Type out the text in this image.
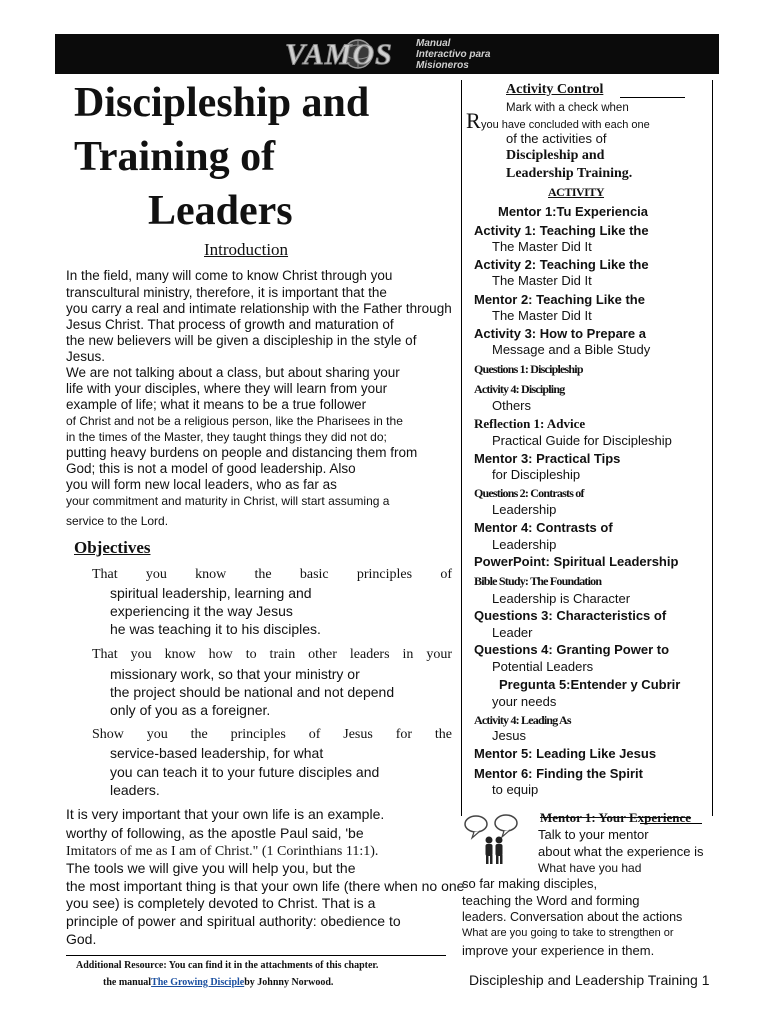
VAMOS Manual
Interactivo para
Misioneros
Discipleship and
Training of
Leaders
Introduction
In the field, many will come to know Christ through you
transcultural ministry, therefore, it is important that the
you carry a real and intimate relationship with the Father through
Jesus Christ. That process of growth and maturation of
the new believers will be given a discipleship in the style of
Jesus.
We are not talking about a class, but about sharing your
life with your disciples, where they will learn from your
example of life; what it means to be a true follower
of Christ and not be a religious person, like the Pharisees in the
in the times of the Master, they taught things they did not do;
putting heavy burdens on people and distancing them from
God; this is not a model of good leadership. Also
you will form new local leaders, who as far as
your commitment and maturity in Christ, will start assuming a
service to the Lord.
Objectives
That you know the basic principles of
spiritual leadership, learning and
experiencing it the way Jesus
he was teaching it to his disciples.
That you know how to train other leaders in your
missionary work, so that your ministry or
the project should be national and not depend
only of you as a foreigner.
Show you the principles of Jesus for the
service-based leadership, for what
you can teach it to your future disciples and
leaders.
It is very important that your own life is an example.
worthy of following, as the apostle Paul said, 'be
Imitators of me as I am of Christ." (1 Corinthians 11:1).
The tools we will give you will help you, but the
the most important thing is that your own life (there when no one
you see) is completely devoted to Christ. That is a
principle of power and spiritual authority: obedience to
God.
Additional Resource: You can find it in the attachments of this chapter.
the manualThe Growing Discipleby Johnny Norwood.
Activity Control
R Mark with a check when
you have concluded with each one
of the activities of
Discipleship and
Leadership Training.
ACTIVITY
Mentor 1:Tu Experiencia
Activity 1: Teaching Like the
The Master Did It
Activity 2: Teaching Like the
The Master Did It
Mentor 2: Teaching Like the
The Master Did It
Activity 3: How to Prepare a
Message and a Bible Study
Questions 1: Discipleship
Activity 4: Discipling
Others
Reflection 1: Advice
Practical Guide for Discipleship
Mentor 3: Practical Tips
for Discipleship
Questions 2: Contrasts of
Leadership
Mentor 4: Contrasts of
Leadership
PowerPoint: Spiritual Leadership
Bible Study: The Foundation
Leadership is Character
Questions 3: Characteristics of
Leader
Questions 4: Granting Power to
Potential Leaders
Pregunta 5:Entender y Cubrir
your needs
Activity 4: Leading As
Jesus
Mentor 5: Leading Like Jesus
Mentor 6: Finding the Spirit
to equip
Mentor 1: Your Experience
Talk to your mentor
about what the experience is
What have you had
so far making disciples,
teaching the Word and forming
leaders. Conversation about the actions
What are you going to take to strengthen or
improve your experience in them.
Discipleship and Leadership Training 1
